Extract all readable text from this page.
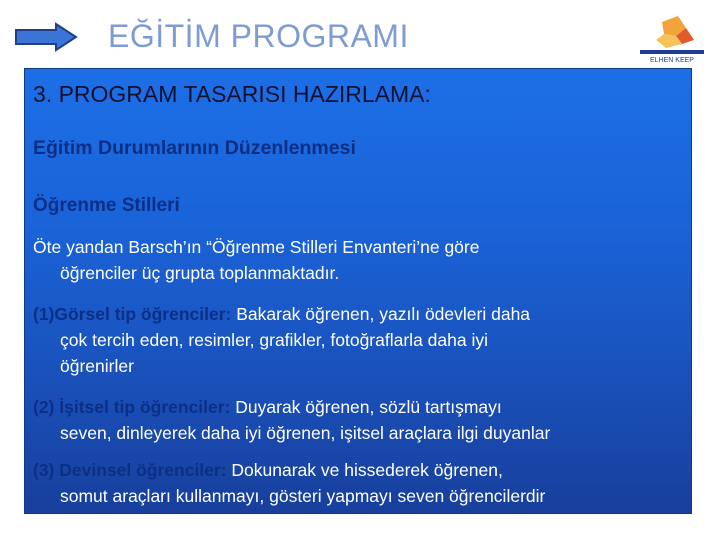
EĞİTİM PROGRAMI
ELHEN KEEP
3. PROGRAM TASARISI HAZIRLAMA:
Eğitim Durumlarının Düzenlenmesi
Öğrenme Stilleri
Öte yandan Barsch’ın “Öğrenme Stilleri Envanteri’ne göre
öğrenciler üç grupta toplanmaktadır.
(1)Görsel tip öğrenciler: Bakarak öğrenen, yazılı ödevleri daha
çok tercih eden, resimler, grafikler, fotoğraflarla daha iyi
öğrenirler
(2) İşitsel tip öğrenciler: Duyarak öğrenen, sözlü tartışmayı
seven, dinleyerek daha iyi öğrenen, işitsel araçlara ilgi duyanlar
(3) Devinsel öğrenciler: Dokunarak ve hissederek öğrenen,
somut araçları kullanmayı, gösteri yapmayı seven öğrencilerdir
